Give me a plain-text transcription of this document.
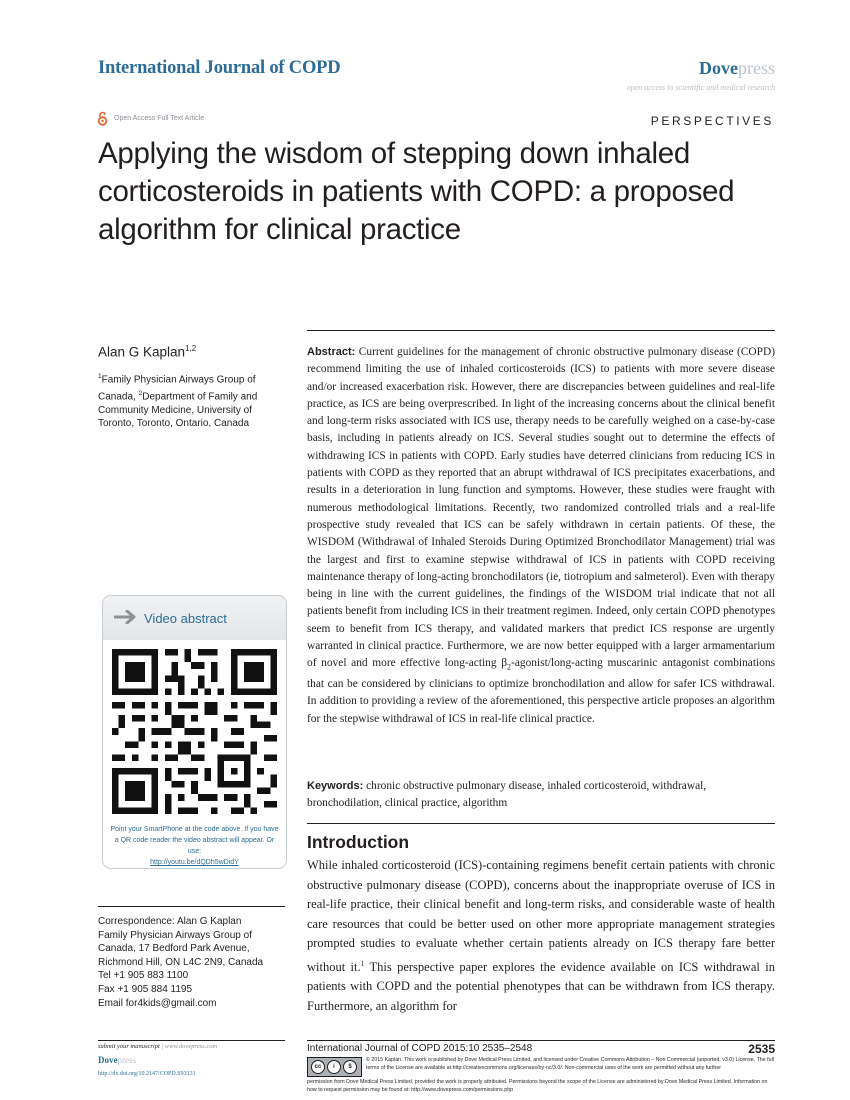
International Journal of COPD	Dovepress
open access to scientific and medical research
Open Access Full Text Article	PERSPECTIVES
Applying the wisdom of stepping down inhaled corticosteroids in patients with COPD: a proposed algorithm for clinical practice
Alan G Kaplan$^{1,2}$
$^1$Family Physician Airways Group of Canada, $^2$Department of Family and Community Medicine, University of Toronto, Toronto, Ontario, Canada
Abstract: Current guidelines for the management of chronic obstructive pulmonary disease (COPD) recommend limiting the use of inhaled corticosteroids (ICS) to patients with more severe disease and/or increased exacerbation risk. However, there are discrepancies between guidelines and real-life practice, as ICS are being overprescribed. In light of the increasing concerns about the clinical benefit and long-term risks associated with ICS use, therapy needs to be carefully weighed on a case-by-case basis, including in patients already on ICS. Several studies sought out to determine the effects of withdrawing ICS in patients with COPD. Early studies have deterred clinicians from reducing ICS in patients with COPD as they reported that an abrupt withdrawal of ICS precipitates exacerbations, and results in a deterioration in lung function and symptoms. However, these studies were fraught with numerous methodological limitations. Recently, two randomized controlled trials and a real-life prospective study revealed that ICS can be safely withdrawn in certain patients. Of these, the WISDOM (Withdrawal of Inhaled Steroids During Optimized Bronchodilator Management) trial was the largest and first to examine stepwise withdrawal of ICS in patients with COPD receiving maintenance therapy of long-acting bronchodilators (ie, tiotropium and salmeterol). Even with therapy being in line with the current guidelines, the findings of the WISDOM trial indicate that not all patients benefit from including ICS in their treatment regimen. Indeed, only certain COPD phenotypes seem to benefit from ICS therapy, and validated markers that predict ICS response are urgently warranted in clinical practice. Furthermore, we are now better equipped with a larger armamentarium of novel and more effective long-acting $\beta_2-agonist/long$-acting muscarinic antagonist combinations that can be considered by clinicians to optimize bronchodilation and allow for safer ICS withdrawal. In addition to providing a review of the aforementioned, this perspective article proposes an algorithm for the stepwise withdrawal of ICS in real-life clinical practice.
Keywords: chronic obstructive pulmonary disease, inhaled corticosteroid, withdrawal, bronchodilation, clinical practice, algorithm
Introduction
While inhaled corticosteroid (ICS)-containing regimens benefit certain patients with chronic obstructive pulmonary disease (COPD), concerns about the inappropriate overuse of ICS in real-life practice, their clinical benefit and long-term risks, and considerable waste of health care resources that could be better used on other more appropriate management strategies prompted studies to evaluate whether certain patients already on ICS therapy fare better without it.$^1$ This perspective paper explores the evidence available on ICS withdrawal in patients with COPD and the potential phenotypes that can be withdrawn from ICS therapy. Furthermore, an algorithm for
Video abstract
Point your SmartPhone at the code above. If you have a QR code reader the video abstract will appear. Or use:
http://youtu.be/dQDh5wDidY
Correspondence: Alan G Kaplan
Family Physician Airways Group of
Canada, 17 Bedford Park Avenue,
Richmond Hill, ON L4C 2N9, Canada
Tel +1 905 883 1100
Fax +1 905 884 1195
Email for4kids@gmail.com
submit your manuscript | www.dovepress.com
Dovepress
http://dx.doi.org/10.2147/COPD.S93131
International Journal of COPD 2015:10 2535–2548	2535
cc	i	$
© 2015 Kaplan. This work is published by Dove Medical Press Limited, and licensed under Creative Commons Attribution – Non Commercial (unported, v3.0) License. The full terms of the License are available at http://creativecommons.org/licenses/by-nc/3.0/. Non-commercial uses of the work are permitted without any further
permission from Dove Medical Press Limited, provided the work is properly attributed. Permissions beyond the scope of the License are administered by Dove Medical Press Limited. Information on how to request permission may be found at: http://www.dovepress.com/permissions.php
